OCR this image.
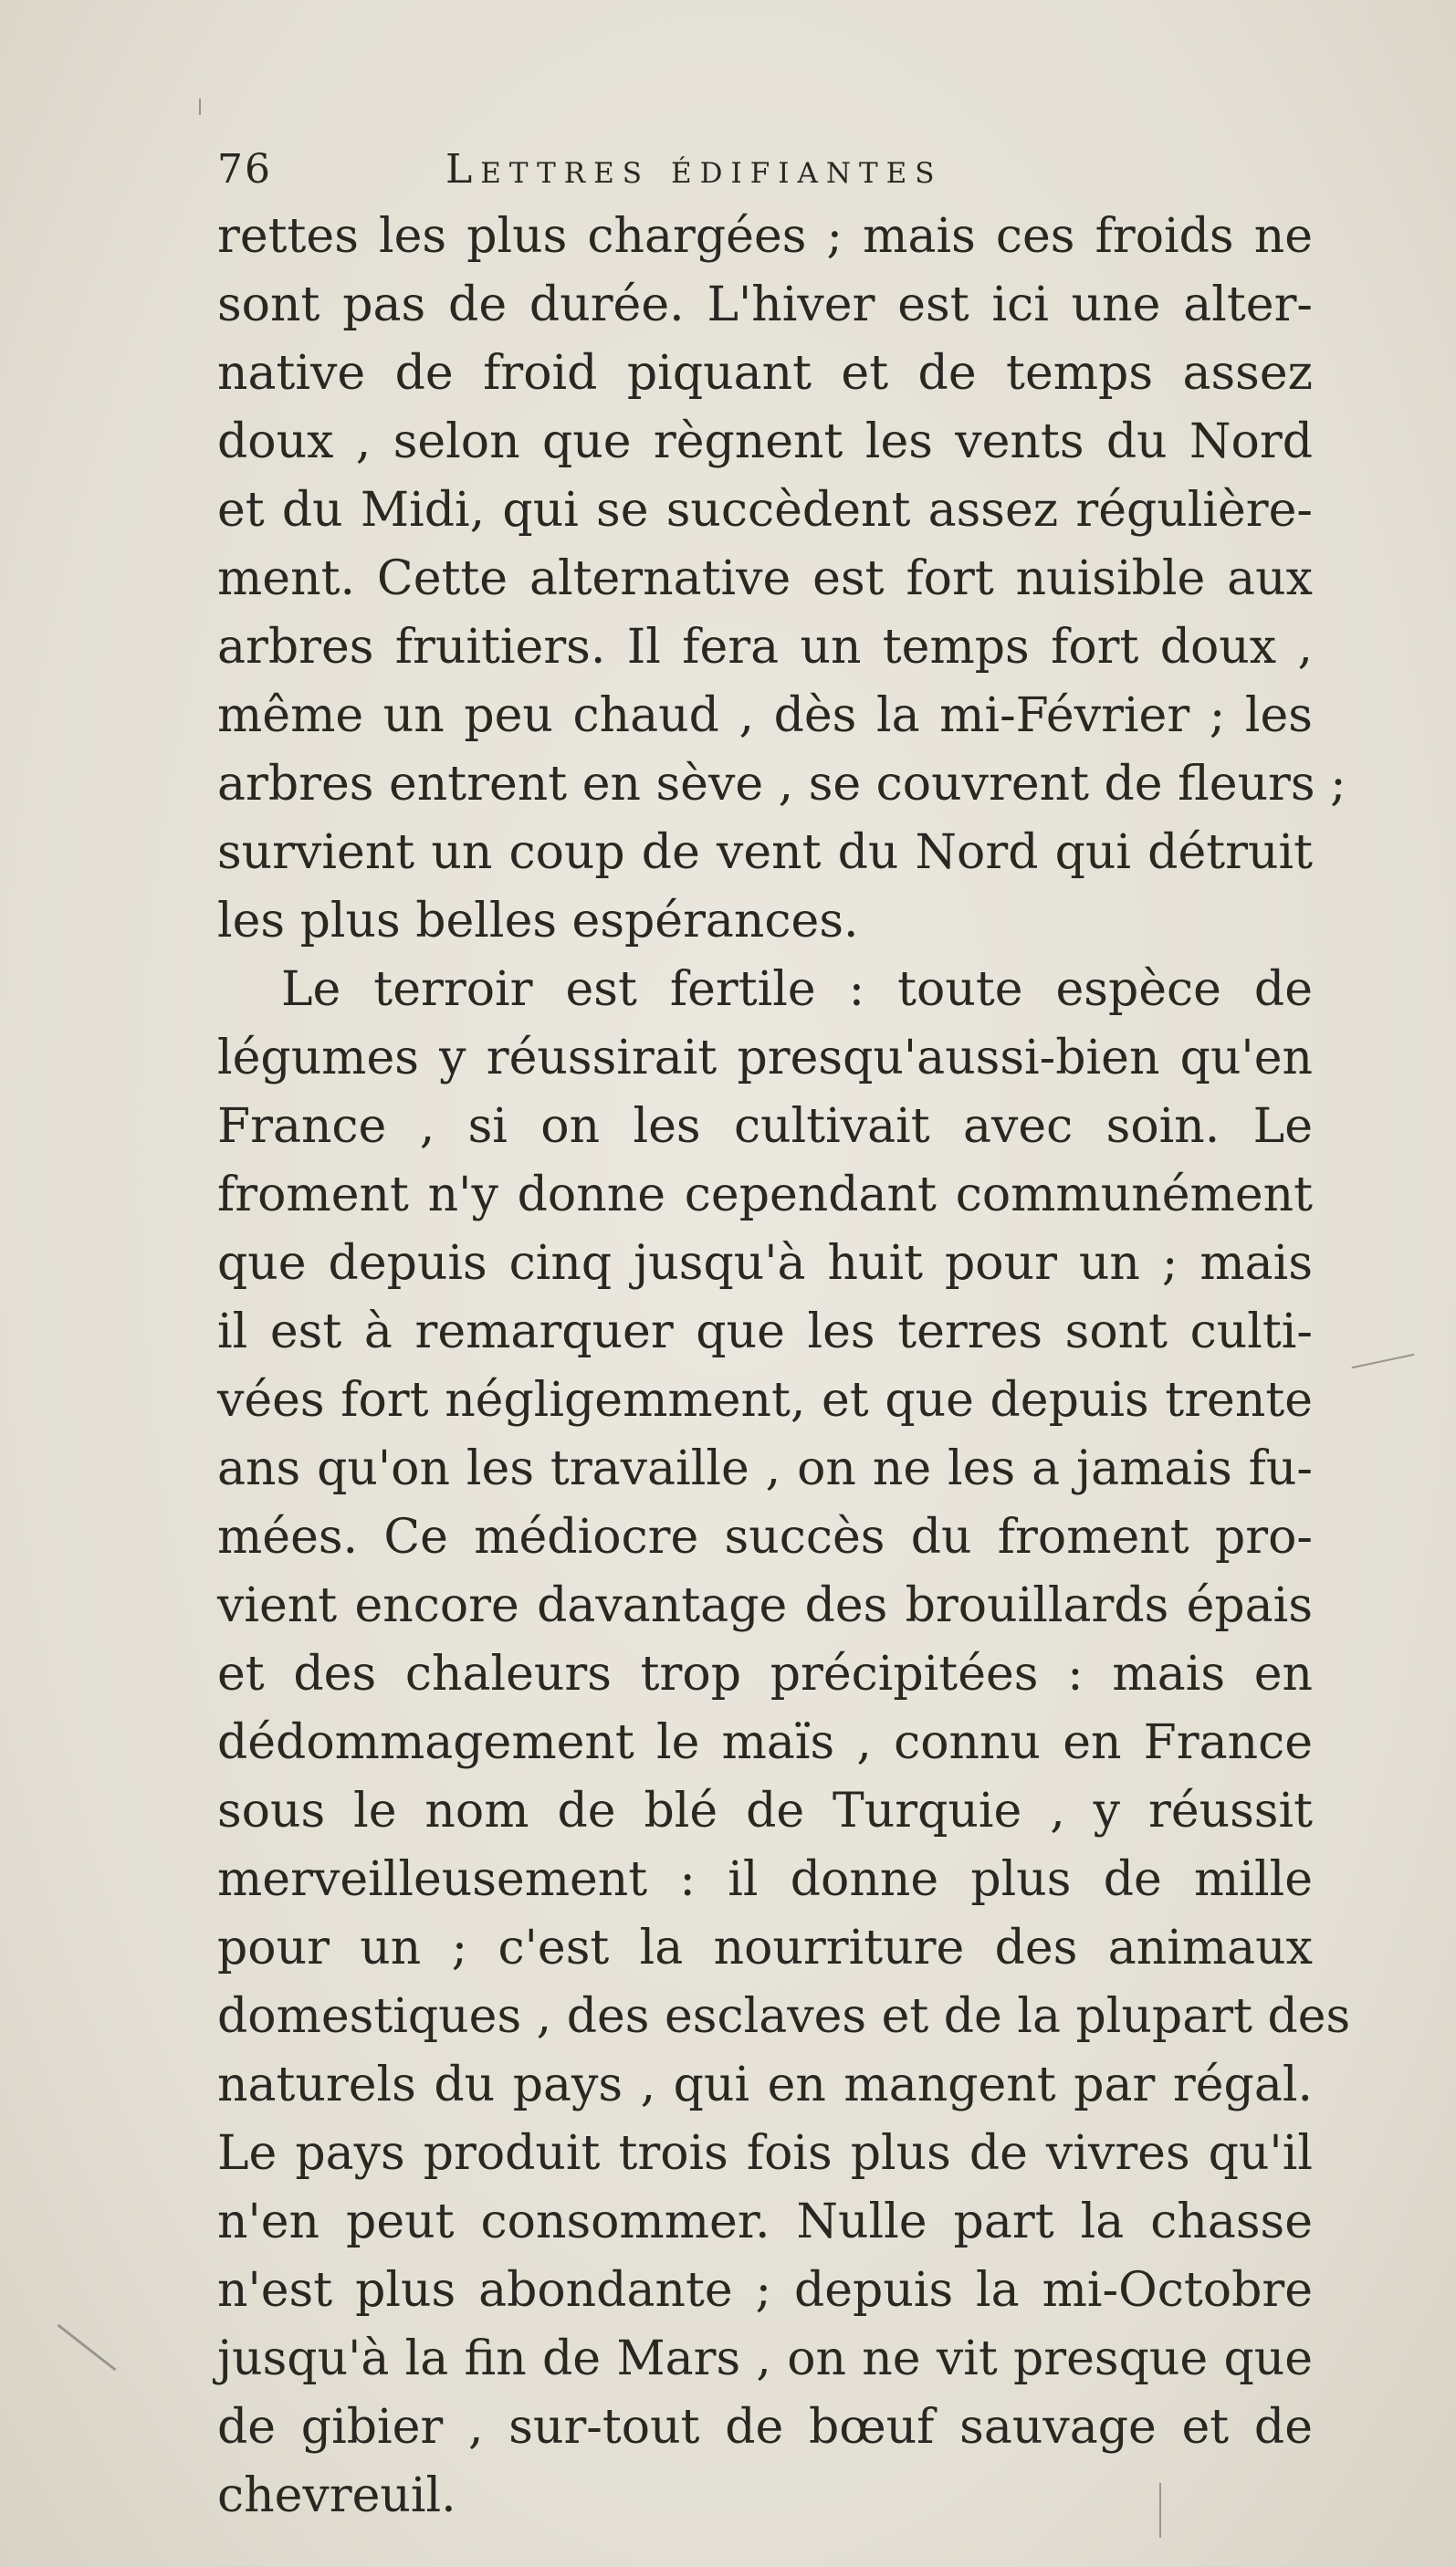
76	Lettres édifiantes
rettes les plus chargées ; mais ces froids ne
sont pas de durée. L'hiver est ici une alter-
native de froid piquant et de temps assez
doux , selon que règnent les vents du Nord
et du Midi, qui se succèdent assez régulière-
ment. Cette alternative est fort nuisible aux
arbres fruitiers. Il fera un temps fort doux ,
même un peu chaud , dès la mi-Février ; les
arbres entrent en sève , se couvrent de fleurs ;
survient un coup de vent du Nord qui détruit
les plus belles espérances.
Le terroir est fertile : toute espèce de
légumes y réussirait presqu'aussi-bien qu'en
France , si on les cultivait avec soin. Le
froment n'y donne cependant communément
que depuis cinq jusqu'à huit pour un ; mais
il est à remarquer que les terres sont culti-
vées fort négligemment, et que depuis trente
ans qu'on les travaille , on ne les a jamais fu-
mées. Ce médiocre succès du froment pro-
vient encore davantage des brouillards épais
et des chaleurs trop précipitées : mais en
dédommagement le maïs , connu en France
sous le nom de blé de Turquie , y réussit
merveilleusement : il donne plus de mille
pour un ; c'est la nourriture des animaux
domestiques , des esclaves et de la plupart des
naturels du pays , qui en mangent par régal.
Le pays produit trois fois plus de vivres qu'il
n'en peut consommer. Nulle part la chasse
n'est plus abondante ; depuis la mi-Octobre
jusqu'à la fin de Mars , on ne vit presque que
de gibier , sur-tout de bœuf sauvage et de
chevreuil.
